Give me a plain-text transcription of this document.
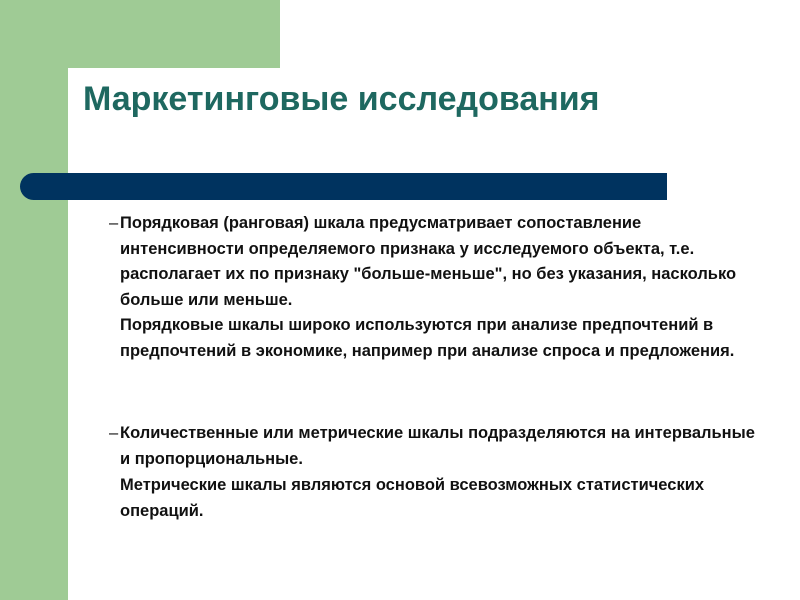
Маркетинговые исследования

– Порядковая (ранговая) шкала предусматривает сопоставление интенсивности определяемого признака у исследуемого объекта, т.е. располагает их по признаку "больше-меньше", но без указания, насколько больше или меньше.

Порядковые шкалы широко используются при анализе предпочтений в предпочтений в экономике, например при анализе спроса и предложения.

– Количественные или метрические шкалы подразделяются на интервальные и пропорциональные.

Метрические шкалы являются основой всевозможных статистических операций.
